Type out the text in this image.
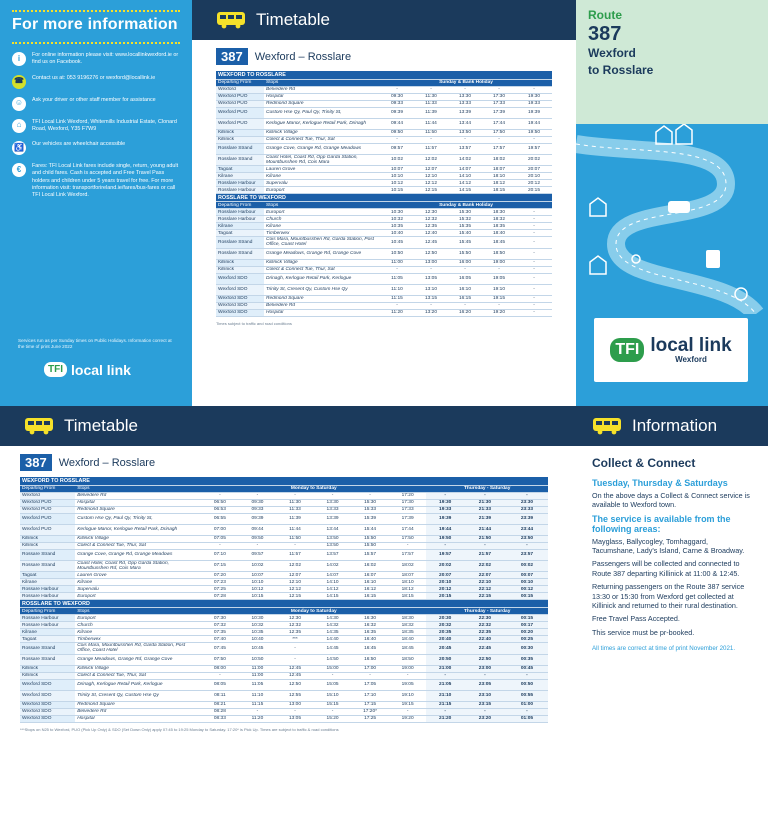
For more information
i	For online information please visit: www.locallinkwexford.ie or find us on Facebook.
☎	Contact us at: 053 9196276 or wexford@locallink.ie
☺	Ask your driver or other staff member for assistance
⌂	TFI Local Link Wexford, Whitemills Industrial Estate, Clonard Road, Wexford, Y35 F7W9
♿	Our vehicles are wheelchair accessible
€	Fares: TFI Local Link fares include single, return, young adult and child fares. Cash is accepted and Free Travel Pass holders and children under 5 years travel for free. For more information visit: transportforireland.ie/fares/bus-fares or call TFI Local Link Wexford.
Services run as per Sunday times on Public Holidays. Information correct at the time of print June 2022
TFI local link
Timetable
387	Wexford – Rosslare
WEXFORD TO ROSSLARE						
Departing From	Stops	Sunday & Bank Holiday				
Wexford	Belvedere Rd	-	-	-	-	-
Wexford PUO	Hospital	09:30	11:30	13:30	17:30	19:30
Wexford PUO	Redmond Square	09:33	11:33	13:33	17:33	19:33
Wexford PUO	Custom Hse Qy, Paul Qy, Trinity St,	09:39	11:39	13:39	17:39	19:39
Wexford PUO	Kerlogue Manor, Kerlogue Retail Park, Drinagh	09:44	11:44	13:44	17:44	19:44
Killinick	Killinick Village	09:50	11:50	13:50	17:50	19:50
Killinick	Colect & Connect Tue, Thur, Sat	-	-	-	-	-
Rosslare Strand	Grange Cove, Grange Rd, Grange Meadows	09:57	11:57	13:57	17:57	19:57
Rosslare Strand	Coast Hotel, Coast Rd, Opp Garda Station, Mountbusshen Rd, Cois Mara	10:02	12:02	14:02	18:02	20:02
Tagoat	Lauren Grove	10:07	12:07	14:07	18:07	20:07
Kilrane	Kilrane	10:10	12:10	14:10	18:10	20:10
Rosslare Harbour	Supervalu	10:12	12:12	14:12	18:12	20:12
Rosslare Harbour	Europort	10:15	12:15	14:15	18:15	20:15
ROSSLARE TO WEXFORD						
Departing From	Stops	Sunday & Bank Holiday				
Rosslare Harbour	Europort	10:30	12:30	15:30	18:30	-
Rosslare Harbour	Church	10:32	12:32	15:32	18:32	-
Kilrane	Kilrane	10:35	12:35	15:35	18:35	-
Tagoat	Timberwex	10:40	12:40	15:40	18:40	-
Rosslare Strand	Cois Mara, Mountbusshen Rd, Garda Station, Post Office, Coast Hotel	10:45	12:45	15:45	18:45	-
Rosslare Strand	Grange Meadows, Grange Rd, Grange Cove	10:50	12:50	15:50	18:50	-
Killinick	Killinick Village	11:00	13:00	16:00	19:00	-
Killinick	Colect & Connect Tue, Thur, Sat	-	-	-	-	-
Wexford SDO	Drinagh, Kerlogue Retail Park, Kerlogue	11:05	13:05	16:05	19:05	-
Wexford SDO	Trinity St, Cresent Qy, Custom Hse Qy	11:10	13:10	16:10	19:10	-
Wexford SDO	Redmond Square	11:15	13:15	16:15	19:15	-
Wexford SDO	Belvedere Rd	-	-	-	-	-
Wexford SDO	Hospital	11:20	13:20	16:20	19:20	-
Times subject to traffic and road conditions
Route
387
Wexford
to Rosslare
TFI local link
Wexford
Timetable
387	Wexford – Rosslare
WEXFORD TO ROSSLARE										
Departing From	Stops	Monday to Saturday						Thursday - Saturday		
Wexford	Belvedere Rd	-	-	-	-	-	17:20	-	-	-
Wexford PUO	Hospital	06:50	09:30	11:30	13:30	15:30	17:30	19:30	21:30	23:30
Wexford PUO	Redmond Square	06:53	09:33	11:33	13:33	15:33	17:33	19:33	21:33	23:33
Wexford PUO	Custom Hse Qy, Paul Qy, Trinity St,	06:55	09:39	11:39	13:39	15:39	17:39	19:39	21:39	23:39
Wexford PUO	Kerlogue Manor, Kerlogue Retail Park, Drinagh	07:00	09:44	11:44	13:44	15:44	17:44	19:44	21:44	23:44
Killinick	Killinick Village	07:05	09:50	11:50	13:50	15:50	17:50	19:50	21:50	23:50
Killinick	Colect & Connect Tue, Thur, Sat	-	-	-	13:50	15:50	-	-	-	-
Rossare Strand	Grange Cove, Grange Rd, Grange Meadows	07:10	09:57	11:57	13:57	15:57	17:57	19:57	21:57	23:57
Rossare Strand	Coast Hotel, Coast Rd, Opp Garda Station, Mountbusshen Rd, Cois Mara	07:15	10:02	12:02	14:02	16:02	18:02	20:02	22:02	00:02
Tagoat	Lauren Grove	07:20	10:07	12:07	14:07	16:07	18:07	20:07	22:07	00:07
Kilrane	Kilrane	07:23	10:10	12:10	14:10	16:10	18:10	20:10	22:10	00:10
Rossare Harbour	Supervalu	07:25	10:12	12:12	14:12	16:12	18:12	20:12	22:12	00:12
Rossare Harbour	Europort	07:28	10:15	12:15	14:15	16:15	18:15	20:15	22:15	00:15
ROSSLARE TO WEXFORD										
Departing From	Stops	Monday to Saturday						Thursday - Saturday		
Rossare Harbour	Europort	07:30	10:30	12:30	14:30	16:30	18:30	20:30	22:30	00:15
Rossare Harbour	Church	07:32	10:32	12:32	14:32	16:32	18:32	20:32	22:32	00:17
Kilrane	Kilrane	07:35	10:35	12:35	14:35	16:35	18:35	20:35	22:35	00:20
Tagoat	Timberwex	07:40	10:40	***	14:40	16:40	18:40	20:40	22:40	00:25
Rossare Strand	Cois Mara, Mountbusshen Rd, Garda Station, Post Office, Coast Hotel	07:45	10:45	-	14:45	16:45	18:45	20:45	22:45	00:30
Rossare Strand	Grange Meadows, Grange Rd, Grange Cove	07:50	10:50	-	14:50	16:50	18:50	20:50	22:50	00:35
Killinick	Killinick Village	08:00	11:00	12:45	15:00	17:00	19:00	21:00	23:00	00:45
Killinick	Colect & Connect Tue, Thur, Sat	-	11:00	12:45	-	-	-	-	-	-
Wexford SDO	Drinagh, Kerlogue Retail Park, Kerlogue	08:05	11:05	12:50	15:05	17:05	19:05	21:05	23:05	00:50
Wexford SDO	Trinity St, Cresent Qy, Custom Hse Qy	08:11	11:10	12:55	15:10	17:10	19:10	21:10	23:10	00:55
Wexford SDO	Redmond Square	08:21	11:15	13:00	15:15	17:15	19:15	21:15	23:15	01:00
Wexford SDO	Belvedere Rd	08:28	-	-	-	17:20*	-	-	-	-
Wexford SDO	Hospital	08:33	11:20	13:05	15:20	17:25	19:20	21:20	23:20	01:05
***Stops on N25 to Wexford, PUO (Pick Up Only) & SDO (Set Down Only) apply 07:45 to 19:25 Monday to Saturday. 17:20* is Pick Up. Times are subject to traffic & road conditions
Information
Collect & Connect
Tuesday, Thursday & Saturdays
On the above days a Collect & Connect service is available to Wexford town.
The service is available from the following areas:
Mayglass, Ballycogley, Tomhaggard, Tacumshane, Lady's Island, Carne & Broadway.
Passengers will be collected and connected to Route 387 departing Killinick at 11:00 & 12:45.
Returning passengers on the Route 387 service 13:30 or 15:30 from Wexford get collected at Killinick and returned to their rural destination.
Free Travel Pass Accepted.
This service must be pr-booked.
All times are correct at time of print November 2021.
